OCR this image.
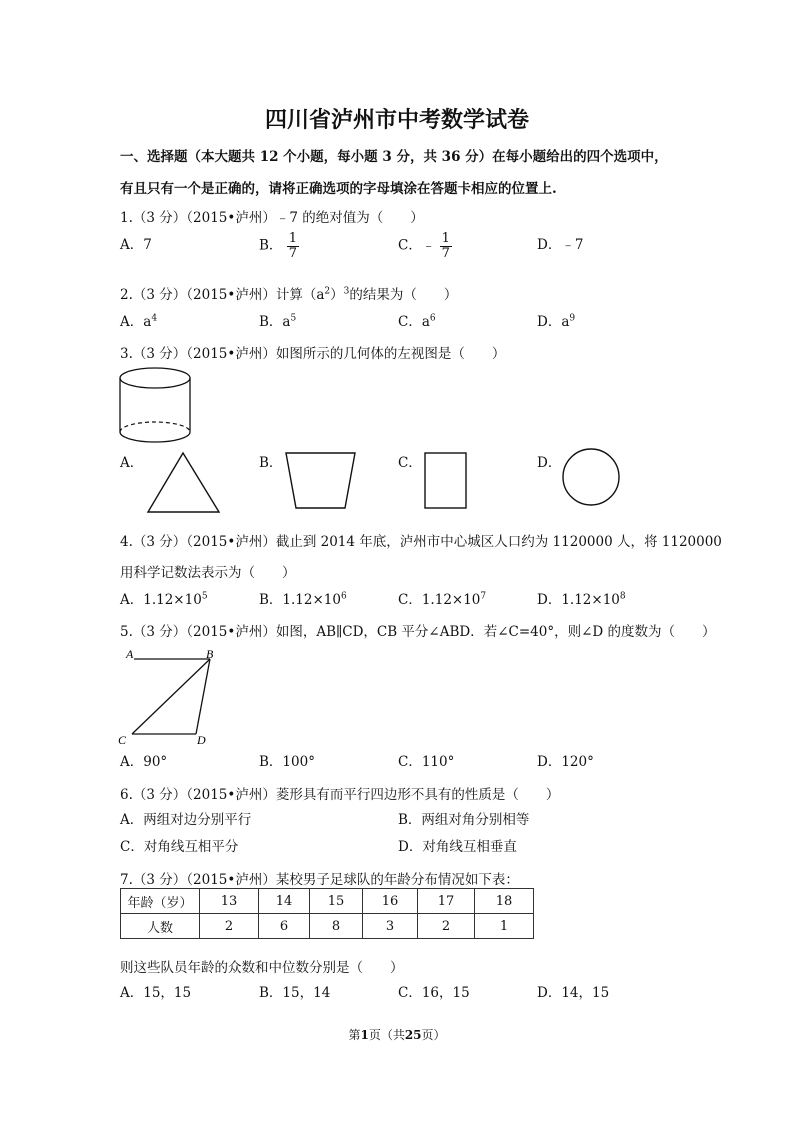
四川省泸州市中考数学试卷
一、选择题（本大题共 12 个小题，每小题 3 分，共 36 分）在每小题给出的四个选项中，
有且只有一个是正确的，请将正确选项的字母填涂在答题卡相应的位置上.
1.（3 分）（2015•泸州）﹣7 的绝对值为（　　）
A．7	B． $\frac{1}{7}$	C．﹣ $\frac{1}{7}$	D．﹣7
2.（3 分）（2015•泸州）计算$(a^2)^3$的结果为（　　）
A．$a^4$	B．$a^5$	C．$a^6$	D．$a^9$
3.（3 分）（2015•泸州）如图所示的几何体的左视图是（　　）
A．	B．	C．	D．
4.（3 分）（2015•泸州）截止到 2014 年底，泸州市中心城区人口约为 1120000 人，将 1120000
用科学记数法表示为（　　）
A．$1.12\times 10^5$	B．$1.12\times 10^6$	C．$1.12\times 10^7$	D．$1.12\times 10^8$
5.（3 分）（2015•泸州）如图，AB∥CD，CB 平分∠ABD．若∠C=40°，则∠D 的度数为（　　）
A	B
C	D
A．90°	B．100°	C．110°	D．120°
6.（3 分）（2015•泸州）菱形具有而平行四边形不具有的性质是（　　）
A．两组对边分别平行	B．两组对角分别相等
C．对角线互相平分	D．对角线互相垂直
7.（3 分）（2015•泸州）某校男子足球队的年龄分布情况如下表：
年龄（岁）	13	14	15	16	17	18
人数	2	6	8	3	2	1
则这些队员年龄的众数和中位数分别是（　　）
A．15，15	B．15，14	C．16，15	D．14，15
第1页（共25页）
